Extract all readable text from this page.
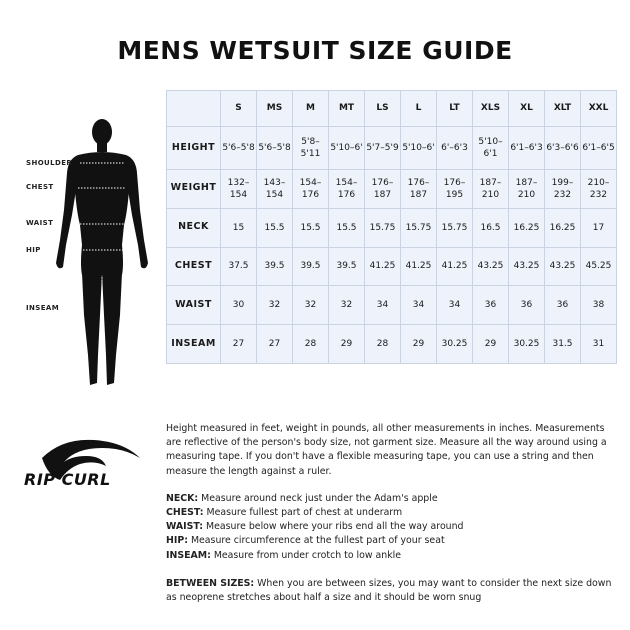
MENS WETSUIT SIZE GUIDE
SHOULDER
CHEST
WAIST
HIP
INSEAM
	S	MS	M	MT	LS	L	LT	XLS	XL	XLT	XXL
HEIGHT	5'6–5'8	5'6–5'8	5'8–5'11	5'10–6'	5'7–5'9	5'10–6'	6'–6'3	5'10–6'1	6'1–6'3	6'3–6'6	6'1–6'5
WEIGHT	132–154	143–154	154–176	154–176	176–187	176–187	176–195	187–210	187–210	199–232	210–232
NECK	15	15.5	15.5	15.5	15.75	15.75	15.75	16.5	16.25	16.25	17
CHEST	37.5	39.5	39.5	39.5	41.25	41.25	41.25	43.25	43.25	43.25	45.25
WAIST	30	32	32	32	34	34	34	36	36	36	38
INSEAM	27	27	28	29	28	29	30.25	29	30.25	31.5	31
RIP CURL

Height measured in feet, weight in pounds, all other measurements in inches. Measurements are reflective of the person's body size, not garment size. Measure all the way around using a measuring tape. If you don't have a flexible measuring tape, you can use a string and then measure the length against a ruler.

NECK: Measure around neck just under the Adam's apple

CHEST: Measure fullest part of chest at underarm

WAIST: Measure below where your ribs end all the way around

HIP: Measure circumference at the fullest part of your seat

INSEAM: Measure from under crotch to low ankle

BETWEEN SIZES: When you are between sizes, you may want to consider the next size down as neoprene stretches about half a size and it should be worn snug
